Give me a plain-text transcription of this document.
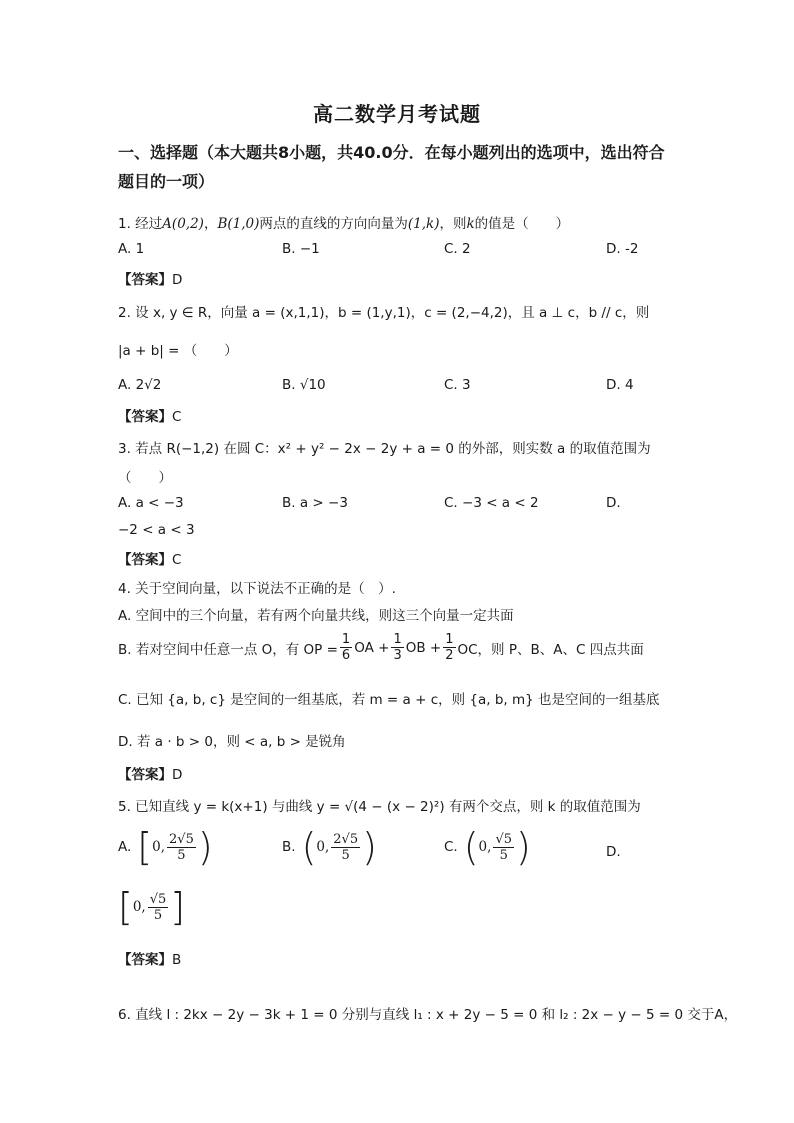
高二数学月考试题
一、选择题（本大题共8小题，共40.0分．在每小题列出的选项中，选出符合题目的一项）
1. 经过A(0,2)，B(1,0)两点的直线的方向向量为(1,k)，则k的值是（　　）
A. 1	B. −1	C. 2	D. -2
【答案】D
2. 设 x, y ∈ R，向量 a = (x,1,1)，b = (1,y,1)，c = (2,−4,2)，且 a ⊥ c，b // c，则
|a + b| = （　　）
A. 2√2	B. √10	C. 3	D. 4
【答案】C
3. 若点 R(−1,2) 在圆 C：x² + y² − 2x − 2y + a = 0 的外部，则实数 a 的取值范围为
（　　）
A. a < −3	B. a > −3	C. −3 < a < 2	D.
−2 < a < 3
【答案】C
4. 关于空间向量，以下说法不正确的是（　）.
A. 空间中的三个向量，若有两个向量共线，则这三个向量一定共面
B. 若对空间中任意一点 O，有 OP = $\frac{1}{6}$ OA + $\frac{1}{3}$ OB + $\frac{1}{2}$ OC，则 P、B、A、C 四点共面
C. 已知 {a, b, c} 是空间的一组基底，若 m = a + c，则 {a, b, m} 也是空间的一组基底
D. 若 a · b > 0，则 < a, b > 是锐角
【答案】D
5. 已知直线 y = k(x+1) 与曲线 y = √(4 − (x − 2)²) 有两个交点，则 k 的取值范围为
A. [ 0, $\frac{2√5}{5}$ )	B. ( 0, $\frac{2√5}{5}$ )	C. ( 0, $\frac{√5}{5}$ )	D.
[ 0, $\frac{√5}{5}$ ]
【答案】B
6. 直线 l : 2kx − 2y − 3k + 1 = 0 分别与直线 l₁ : x + 2y − 5 = 0 和 l₂ : 2x − y − 5 = 0 交于A，
